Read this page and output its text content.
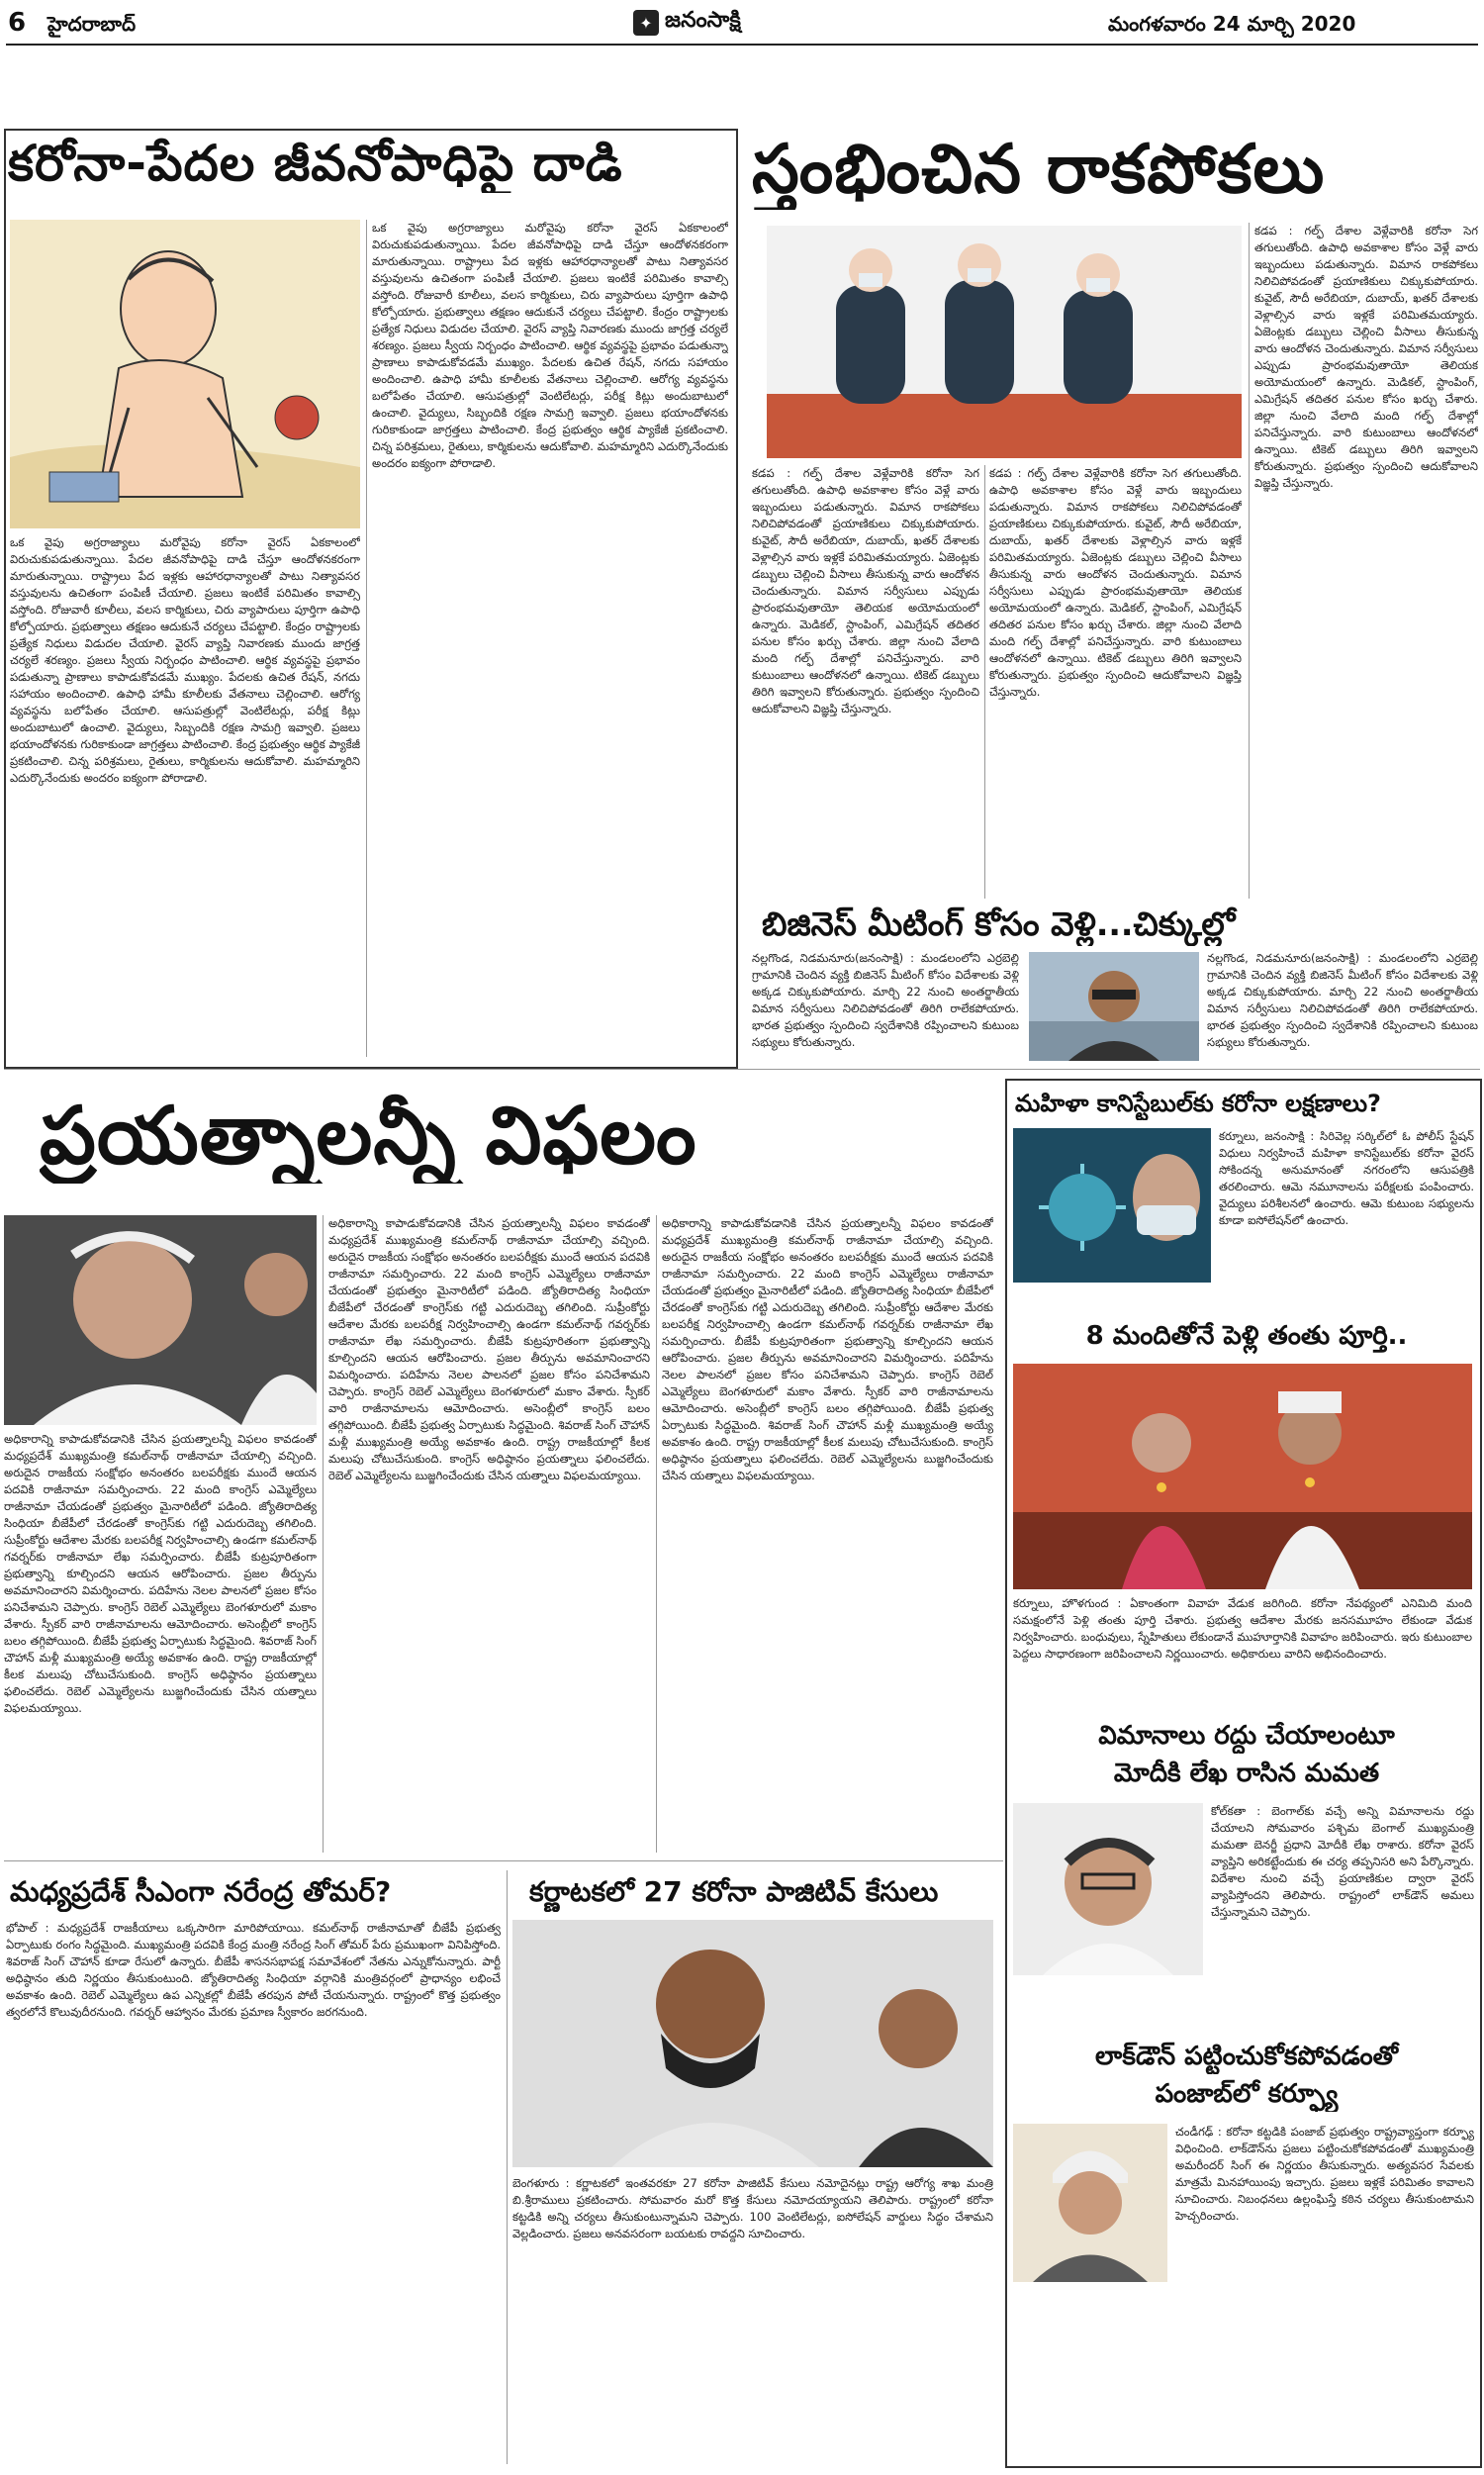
6 హైదరాబాద్	✦ జనంసాక్షి	మంగళవారం 24 మార్చి 2020
కరోనా-పేదల జీవనోపాధిపై దాడి
ఒక వైపు అగ్రరాజ్యాలు మరోవైపు కరోనా వైరస్ ఏకకాలంలో విరుచుకుపడుతున్నాయి. పేదల జీవనోపాధిపై దాడి చేస్తూ ఆందోళనకరంగా మారుతున్నాయి. రాష్ట్రాలు పేద ఇళ్లకు ఆహారధాన్యాలతో పాటు నిత్యావసర వస్తువులను ఉచితంగా పంపిణీ చేయాలి. ప్రజలు ఇంటికే పరిమితం కావాల్సి వస్తోంది. రోజువారీ కూలీలు, వలస కార్మికులు, చిరు వ్యాపారులు పూర్తిగా ఉపాధి కోల్పోయారు. ప్రభుత్వాలు తక్షణం ఆదుకునే చర్యలు చేపట్టాలి. కేంద్రం రాష్ట్రాలకు ప్రత్యేక నిధులు విడుదల చేయాలి. వైరస్ వ్యాప్తి నివారణకు ముందు జాగ్రత్త చర్యలే శరణ్యం. ప్రజలు స్వీయ నిర్బంధం పాటించాలి. ఆర్థిక వ్యవస్థపై ప్రభావం పడుతున్నా ప్రాణాలు కాపాడుకోవడమే ముఖ్యం. పేదలకు ఉచిత రేషన్, నగదు సహాయం అందించాలి. ఉపాధి హామీ కూలీలకు వేతనాలు చెల్లించాలి. ఆరోగ్య వ్యవస్థను బలోపేతం చేయాలి. ఆసుపత్రుల్లో వెంటిలేటర్లు, పరీక్ష కిట్లు అందుబాటులో ఉంచాలి. వైద్యులు, సిబ్బందికి రక్షణ సామగ్రి ఇవ్వాలి. ప్రజలు భయాందోళనకు గురికాకుండా జాగ్రత్తలు పాటించాలి. కేంద్ర ప్రభుత్వం ఆర్థిక ప్యాకేజీ ప్రకటించాలి. చిన్న పరిశ్రమలు, రైతులు, కార్మికులను ఆదుకోవాలి. మహమ్మారిని ఎదుర్కొనేందుకు అందరం ఐక్యంగా పోరాడాలి.
ఒక వైపు అగ్రరాజ్యాలు మరోవైపు కరోనా వైరస్ ఏకకాలంలో విరుచుకుపడుతున్నాయి. పేదల జీవనోపాధిపై దాడి చేస్తూ ఆందోళనకరంగా మారుతున్నాయి. రాష్ట్రాలు పేద ఇళ్లకు ఆహారధాన్యాలతో పాటు నిత్యావసర వస్తువులను ఉచితంగా పంపిణీ చేయాలి. ప్రజలు ఇంటికే పరిమితం కావాల్సి వస్తోంది. రోజువారీ కూలీలు, వలస కార్మికులు, చిరు వ్యాపారులు పూర్తిగా ఉపాధి కోల్పోయారు. ప్రభుత్వాలు తక్షణం ఆదుకునే చర్యలు చేపట్టాలి. కేంద్రం రాష్ట్రాలకు ప్రత్యేక నిధులు విడుదల చేయాలి. వైరస్ వ్యాప్తి నివారణకు ముందు జాగ్రత్త చర్యలే శరణ్యం. ప్రజలు స్వీయ నిర్బంధం పాటించాలి. ఆర్థిక వ్యవస్థపై ప్రభావం పడుతున్నా ప్రాణాలు కాపాడుకోవడమే ముఖ్యం. పేదలకు ఉచిత రేషన్, నగదు సహాయం అందించాలి. ఉపాధి హామీ కూలీలకు వేతనాలు చెల్లించాలి. ఆరోగ్య వ్యవస్థను బలోపేతం చేయాలి. ఆసుపత్రుల్లో వెంటిలేటర్లు, పరీక్ష కిట్లు అందుబాటులో ఉంచాలి. వైద్యులు, సిబ్బందికి రక్షణ సామగ్రి ఇవ్వాలి. ప్రజలు భయాందోళనకు గురికాకుండా జాగ్రత్తలు పాటించాలి. కేంద్ర ప్రభుత్వం ఆర్థిక ప్యాకేజీ ప్రకటించాలి. చిన్న పరిశ్రమలు, రైతులు, కార్మికులను ఆదుకోవాలి. మహమ్మారిని ఎదుర్కొనేందుకు అందరం ఐక్యంగా పోరాడాలి.
స్తంభించిన రాకపోకలు
కడప : గల్ఫ్ దేశాల వెళ్లేవారికి కరోనా సెగ తగులుతోంది. ఉపాధి అవకాశాల కోసం వెళ్లే వారు ఇబ్బందులు పడుతున్నారు. విమాన రాకపోకలు నిలిచిపోవడంతో ప్రయాణికులు చిక్కుకుపోయారు. కువైట్, సౌదీ అరేబియా, దుబాయ్, ఖతర్ దేశాలకు వెళ్లాల్సిన వారు ఇళ్లకే పరిమితమయ్యారు. ఏజెంట్లకు డబ్బులు చెల్లించి వీసాలు తీసుకున్న వారు ఆందోళన చెందుతున్నారు. విమాన సర్వీసులు ఎప్పుడు ప్రారంభమవుతాయో తెలియక అయోమయంలో ఉన్నారు. మెడికల్, స్టాంపింగ్, ఎమిగ్రేషన్ తదితర పనుల కోసం ఖర్చు చేశారు. జిల్లా నుంచి వేలాది మంది గల్ఫ్ దేశాల్లో పనిచేస్తున్నారు. వారి కుటుంబాలు ఆందోళనలో ఉన్నాయి. టికెట్ డబ్బులు తిరిగి ఇవ్వాలని కోరుతున్నారు. ప్రభుత్వం స్పందించి ఆదుకోవాలని విజ్ఞప్తి చేస్తున్నారు.
కడప : గల్ఫ్ దేశాల వెళ్లేవారికి కరోనా సెగ తగులుతోంది. ఉపాధి అవకాశాల కోసం వెళ్లే వారు ఇబ్బందులు పడుతున్నారు. విమాన రాకపోకలు నిలిచిపోవడంతో ప్రయాణికులు చిక్కుకుపోయారు. కువైట్, సౌదీ అరేబియా, దుబాయ్, ఖతర్ దేశాలకు వెళ్లాల్సిన వారు ఇళ్లకే పరిమితమయ్యారు. ఏజెంట్లకు డబ్బులు చెల్లించి వీసాలు తీసుకున్న వారు ఆందోళన చెందుతున్నారు. విమాన సర్వీసులు ఎప్పుడు ప్రారంభమవుతాయో తెలియక అయోమయంలో ఉన్నారు. మెడికల్, స్టాంపింగ్, ఎమిగ్రేషన్ తదితర పనుల కోసం ఖర్చు చేశారు. జిల్లా నుంచి వేలాది మంది గల్ఫ్ దేశాల్లో పనిచేస్తున్నారు. వారి కుటుంబాలు ఆందోళనలో ఉన్నాయి. టికెట్ డబ్బులు తిరిగి ఇవ్వాలని కోరుతున్నారు. ప్రభుత్వం స్పందించి ఆదుకోవాలని విజ్ఞప్తి చేస్తున్నారు.
కడప : గల్ఫ్ దేశాల వెళ్లేవారికి కరోనా సెగ తగులుతోంది. ఉపాధి అవకాశాల కోసం వెళ్లే వారు ఇబ్బందులు పడుతున్నారు. విమాన రాకపోకలు నిలిచిపోవడంతో ప్రయాణికులు చిక్కుకుపోయారు. కువైట్, సౌదీ అరేబియా, దుబాయ్, ఖతర్ దేశాలకు వెళ్లాల్సిన వారు ఇళ్లకే పరిమితమయ్యారు. ఏజెంట్లకు డబ్బులు చెల్లించి వీసాలు తీసుకున్న వారు ఆందోళన చెందుతున్నారు. విమాన సర్వీసులు ఎప్పుడు ప్రారంభమవుతాయో తెలియక అయోమయంలో ఉన్నారు. మెడికల్, స్టాంపింగ్, ఎమిగ్రేషన్ తదితర పనుల కోసం ఖర్చు చేశారు. జిల్లా నుంచి వేలాది మంది గల్ఫ్ దేశాల్లో పనిచేస్తున్నారు. వారి కుటుంబాలు ఆందోళనలో ఉన్నాయి. టికెట్ డబ్బులు తిరిగి ఇవ్వాలని కోరుతున్నారు. ప్రభుత్వం స్పందించి ఆదుకోవాలని విజ్ఞప్తి చేస్తున్నారు.
బిజినెస్ మీటింగ్ కోసం వెళ్లి...చిక్కుల్లో
నల్లగొండ, నిడమనూరు(జనంసాక్షి) : మండలంలోని ఎర్రబెల్లి గ్రామానికి చెందిన వ్యక్తి బిజినెస్ మీటింగ్ కోసం విదేశాలకు వెళ్లి అక్కడ చిక్కుకుపోయారు. మార్చి 22 నుంచి అంతర్జాతీయ విమాన సర్వీసులు నిలిచిపోవడంతో తిరిగి రాలేకపోయారు. భారత ప్రభుత్వం స్పందించి స్వదేశానికి రప్పించాలని కుటుంబ సభ్యులు కోరుతున్నారు.
నల్లగొండ, నిడమనూరు(జనంసాక్షి) : మండలంలోని ఎర్రబెల్లి గ్రామానికి చెందిన వ్యక్తి బిజినెస్ మీటింగ్ కోసం విదేశాలకు వెళ్లి అక్కడ చిక్కుకుపోయారు. మార్చి 22 నుంచి అంతర్జాతీయ విమాన సర్వీసులు నిలిచిపోవడంతో తిరిగి రాలేకపోయారు. భారత ప్రభుత్వం స్పందించి స్వదేశానికి రప్పించాలని కుటుంబ సభ్యులు కోరుతున్నారు.
ప్రయత్నాలన్నీ విఫలం
అధికారాన్ని కాపాడుకోవడానికి చేసిన ప్రయత్నాలన్నీ విఫలం కావడంతో మధ్యప్రదేశ్ ముఖ్యమంత్రి కమల్‌నాథ్ రాజీనామా చేయాల్సి వచ్చింది. అరుదైన రాజకీయ సంక్షోభం అనంతరం బలపరీక్షకు ముందే ఆయన పదవికి రాజీనామా సమర్పించారు. 22 మంది కాంగ్రెస్ ఎమ్మెల్యేలు రాజీనామా చేయడంతో ప్రభుత్వం మైనారిటీలో పడింది. జ్యోతిరాదిత్య సింధియా బీజేపీలో చేరడంతో కాంగ్రెస్‌కు గట్టి ఎదురుదెబ్బ తగిలింది. సుప్రీంకోర్టు ఆదేశాల మేరకు బలపరీక్ష నిర్వహించాల్సి ఉండగా కమల్‌నాథ్ గవర్నర్‌కు రాజీనామా లేఖ సమర్పించారు. బీజేపీ కుట్రపూరితంగా ప్రభుత్వాన్ని కూల్చిందని ఆయన ఆరోపించారు. ప్రజల తీర్పును అవమానించారని విమర్శించారు. పదిహేను నెలల పాలనలో ప్రజల కోసం పనిచేశామని చెప్పారు. కాంగ్రెస్ రెబెల్ ఎమ్మెల్యేలు బెంగళూరులో మకాం వేశారు. స్పీకర్ వారి రాజీనామాలను ఆమోదించారు. అసెంబ్లీలో కాంగ్రెస్ బలం తగ్గిపోయింది. బీజేపీ ప్రభుత్వ ఏర్పాటుకు సిద్ధమైంది. శివరాజ్ సింగ్ చౌహాన్ మళ్లీ ముఖ్యమంత్రి అయ్యే అవకాశం ఉంది. రాష్ట్ర రాజకీయాల్లో కీలక మలుపు చోటుచేసుకుంది. కాంగ్రెస్ అధిష్ఠానం ప్రయత్నాలు ఫలించలేదు. రెబెల్ ఎమ్మెల్యేలను బుజ్జగించేందుకు చేసిన యత్నాలు విఫలమయ్యాయి.
అధికారాన్ని కాపాడుకోవడానికి చేసిన ప్రయత్నాలన్నీ విఫలం కావడంతో మధ్యప్రదేశ్ ముఖ్యమంత్రి కమల్‌నాథ్ రాజీనామా చేయాల్సి వచ్చింది. అరుదైన రాజకీయ సంక్షోభం అనంతరం బలపరీక్షకు ముందే ఆయన పదవికి రాజీనామా సమర్పించారు. 22 మంది కాంగ్రెస్ ఎమ్మెల్యేలు రాజీనామా చేయడంతో ప్రభుత్వం మైనారిటీలో పడింది. జ్యోతిరాదిత్య సింధియా బీజేపీలో చేరడంతో కాంగ్రెస్‌కు గట్టి ఎదురుదెబ్బ తగిలింది. సుప్రీంకోర్టు ఆదేశాల మేరకు బలపరీక్ష నిర్వహించాల్సి ఉండగా కమల్‌నాథ్ గవర్నర్‌కు రాజీనామా లేఖ సమర్పించారు. బీజేపీ కుట్రపూరితంగా ప్రభుత్వాన్ని కూల్చిందని ఆయన ఆరోపించారు. ప్రజల తీర్పును అవమానించారని విమర్శించారు. పదిహేను నెలల పాలనలో ప్రజల కోసం పనిచేశామని చెప్పారు. కాంగ్రెస్ రెబెల్ ఎమ్మెల్యేలు బెంగళూరులో మకాం వేశారు. స్పీకర్ వారి రాజీనామాలను ఆమోదించారు. అసెంబ్లీలో కాంగ్రెస్ బలం తగ్గిపోయింది. బీజేపీ ప్రభుత్వ ఏర్పాటుకు సిద్ధమైంది. శివరాజ్ సింగ్ చౌహాన్ మళ్లీ ముఖ్యమంత్రి అయ్యే అవకాశం ఉంది. రాష్ట్ర రాజకీయాల్లో కీలక మలుపు చోటుచేసుకుంది. కాంగ్రెస్ అధిష్ఠానం ప్రయత్నాలు ఫలించలేదు. రెబెల్ ఎమ్మెల్యేలను బుజ్జగించేందుకు చేసిన యత్నాలు విఫలమయ్యాయి.
అధికారాన్ని కాపాడుకోవడానికి చేసిన ప్రయత్నాలన్నీ విఫలం కావడంతో మధ్యప్రదేశ్ ముఖ్యమంత్రి కమల్‌నాథ్ రాజీనామా చేయాల్సి వచ్చింది. అరుదైన రాజకీయ సంక్షోభం అనంతరం బలపరీక్షకు ముందే ఆయన పదవికి రాజీనామా సమర్పించారు. 22 మంది కాంగ్రెస్ ఎమ్మెల్యేలు రాజీనామా చేయడంతో ప్రభుత్వం మైనారిటీలో పడింది. జ్యోతిరాదిత్య సింధియా బీజేపీలో చేరడంతో కాంగ్రెస్‌కు గట్టి ఎదురుదెబ్బ తగిలింది. సుప్రీంకోర్టు ఆదేశాల మేరకు బలపరీక్ష నిర్వహించాల్సి ఉండగా కమల్‌నాథ్ గవర్నర్‌కు రాజీనామా లేఖ సమర్పించారు. బీజేపీ కుట్రపూరితంగా ప్రభుత్వాన్ని కూల్చిందని ఆయన ఆరోపించారు. ప్రజల తీర్పును అవమానించారని విమర్శించారు. పదిహేను నెలల పాలనలో ప్రజల కోసం పనిచేశామని చెప్పారు. కాంగ్రెస్ రెబెల్ ఎమ్మెల్యేలు బెంగళూరులో మకాం వేశారు. స్పీకర్ వారి రాజీనామాలను ఆమోదించారు. అసెంబ్లీలో కాంగ్రెస్ బలం తగ్గిపోయింది. బీజేపీ ప్రభుత్వ ఏర్పాటుకు సిద్ధమైంది. శివరాజ్ సింగ్ చౌహాన్ మళ్లీ ముఖ్యమంత్రి అయ్యే అవకాశం ఉంది. రాష్ట్ర రాజకీయాల్లో కీలక మలుపు చోటుచేసుకుంది. కాంగ్రెస్ అధిష్ఠానం ప్రయత్నాలు ఫలించలేదు. రెబెల్ ఎమ్మెల్యేలను బుజ్జగించేందుకు చేసిన యత్నాలు విఫలమయ్యాయి.
మధ్యప్రదేశ్ సీఎంగా నరేంద్ర తోమర్?
భోపాల్ : మధ్యప్రదేశ్ రాజకీయాలు ఒక్కసారిగా మారిపోయాయి. కమల్‌నాథ్ రాజీనామాతో బీజేపీ ప్రభుత్వ ఏర్పాటుకు రంగం సిద్ధమైంది. ముఖ్యమంత్రి పదవికి కేంద్ర మంత్రి నరేంద్ర సింగ్ తోమర్ పేరు ప్రముఖంగా వినిపిస్తోంది. శివరాజ్ సింగ్ చౌహాన్ కూడా రేసులో ఉన్నారు. బీజేపీ శాసనసభాపక్ష సమావేశంలో నేతను ఎన్నుకోనున్నారు. పార్టీ అధిష్ఠానం తుది నిర్ణయం తీసుకుంటుంది. జ్యోతిరాదిత్య సింధియా వర్గానికి మంత్రివర్గంలో ప్రాధాన్యం లభించే అవకాశం ఉంది. రెబెల్ ఎమ్మెల్యేలు ఉప ఎన్నికల్లో బీజేపీ తరపున పోటీ చేయనున్నారు. రాష్ట్రంలో కొత్త ప్రభుత్వం త్వరలోనే కొలువుదీరనుంది. గవర్నర్ ఆహ్వానం మేరకు ప్రమాణ స్వీకారం జరగనుంది.
కర్ణాటకలో 27 కరోనా పాజిటివ్ కేసులు
బెంగళూరు : కర్ణాటకలో ఇంతవరకూ 27 కరోనా పాజిటివ్ కేసులు నమోదైనట్లు రాష్ట్ర ఆరోగ్య శాఖ మంత్రి బి.శ్రీరాములు ప్రకటించారు. సోమవారం మరో కొత్త కేసులు నమోదయ్యాయని తెలిపారు. రాష్ట్రంలో కరోనా కట్టడికి అన్ని చర్యలు తీసుకుంటున్నామని చెప్పారు. 100 వెంటిలేటర్లు, ఐసోలేషన్ వార్డులు సిద్ధం చేశామని వెల్లడించారు. ప్రజలు అనవసరంగా బయటకు రావద్దని సూచించారు.
మహిళా కానిస్టేబుల్‌కు కరోనా లక్షణాలు?
కర్నూలు, జనంసాక్షి : సిరివెల్ల సర్కిల్‌లో ఓ పోలీస్ స్టేషన్ విధులు నిర్వహించే మహిళా కానిస్టేబుల్‌కు కరోనా వైరస్ సోకిందన్న అనుమానంతో నగరంలోని ఆసుపత్రికి తరలించారు. ఆమె నమూనాలను పరీక్షలకు పంపించారు. వైద్యులు పరిశీలనలో ఉంచారు. ఆమె కుటుంబ సభ్యులను కూడా ఐసోలేషన్‌లో ఉంచారు.
8 మందితోనే పెళ్లి తంతు పూర్తి..
కర్నూలు, హొళగుంద : ఏకాంతంగా వివాహ వేడుక జరిగింది. కరోనా నేపథ్యంలో ఎనిమిది మంది సమక్షంలోనే పెళ్లి తంతు పూర్తి చేశారు. ప్రభుత్వ ఆదేశాల మేరకు జనసమూహం లేకుండా వేడుక నిర్వహించారు. బంధువులు, స్నేహితులు లేకుండానే ముహూర్తానికి వివాహం జరిపించారు. ఇరు కుటుంబాల పెద్దలు సాధారణంగా జరిపించాలని నిర్ణయించారు. అధికారులు వారిని అభినందించారు.
విమానాలు రద్దు చేయాలంటూ
మోదీకి లేఖ రాసిన మమత
కోల్‌కతా : బెంగాల్‌కు వచ్చే అన్ని విమానాలను రద్దు చేయాలని సోమవారం పశ్చిమ బెంగాల్ ముఖ్యమంత్రి మమతా బెనర్జీ ప్రధాని మోదీకి లేఖ రాశారు. కరోనా వైరస్ వ్యాప్తిని అరికట్టేందుకు ఈ చర్య తప్పనిసరి అని పేర్కొన్నారు. విదేశాల నుంచి వచ్చే ప్రయాణికుల ద్వారా వైరస్ వ్యాపిస్తోందని తెలిపారు. రాష్ట్రంలో లాక్‌డౌన్ అమలు చేస్తున్నామని చెప్పారు.
లాక్‌డౌన్ పట్టించుకోకపోవడంతో
పంజాబ్‌లో కర్ఫ్యూ
చండీగఢ్ : కరోనా కట్టడికి పంజాబ్ ప్రభుత్వం రాష్ట్రవ్యాప్తంగా కర్ఫ్యూ విధించింది. లాక్‌డౌన్‌ను ప్రజలు పట్టించుకోకపోవడంతో ముఖ్యమంత్రి అమరీందర్ సింగ్ ఈ నిర్ణయం తీసుకున్నారు. అత్యవసర సేవలకు మాత్రమే మినహాయింపు ఇచ్చారు. ప్రజలు ఇళ్లకే పరిమితం కావాలని సూచించారు. నిబంధనలు ఉల్లంఘిస్తే కఠిన చర్యలు తీసుకుంటామని హెచ్చరించారు.
